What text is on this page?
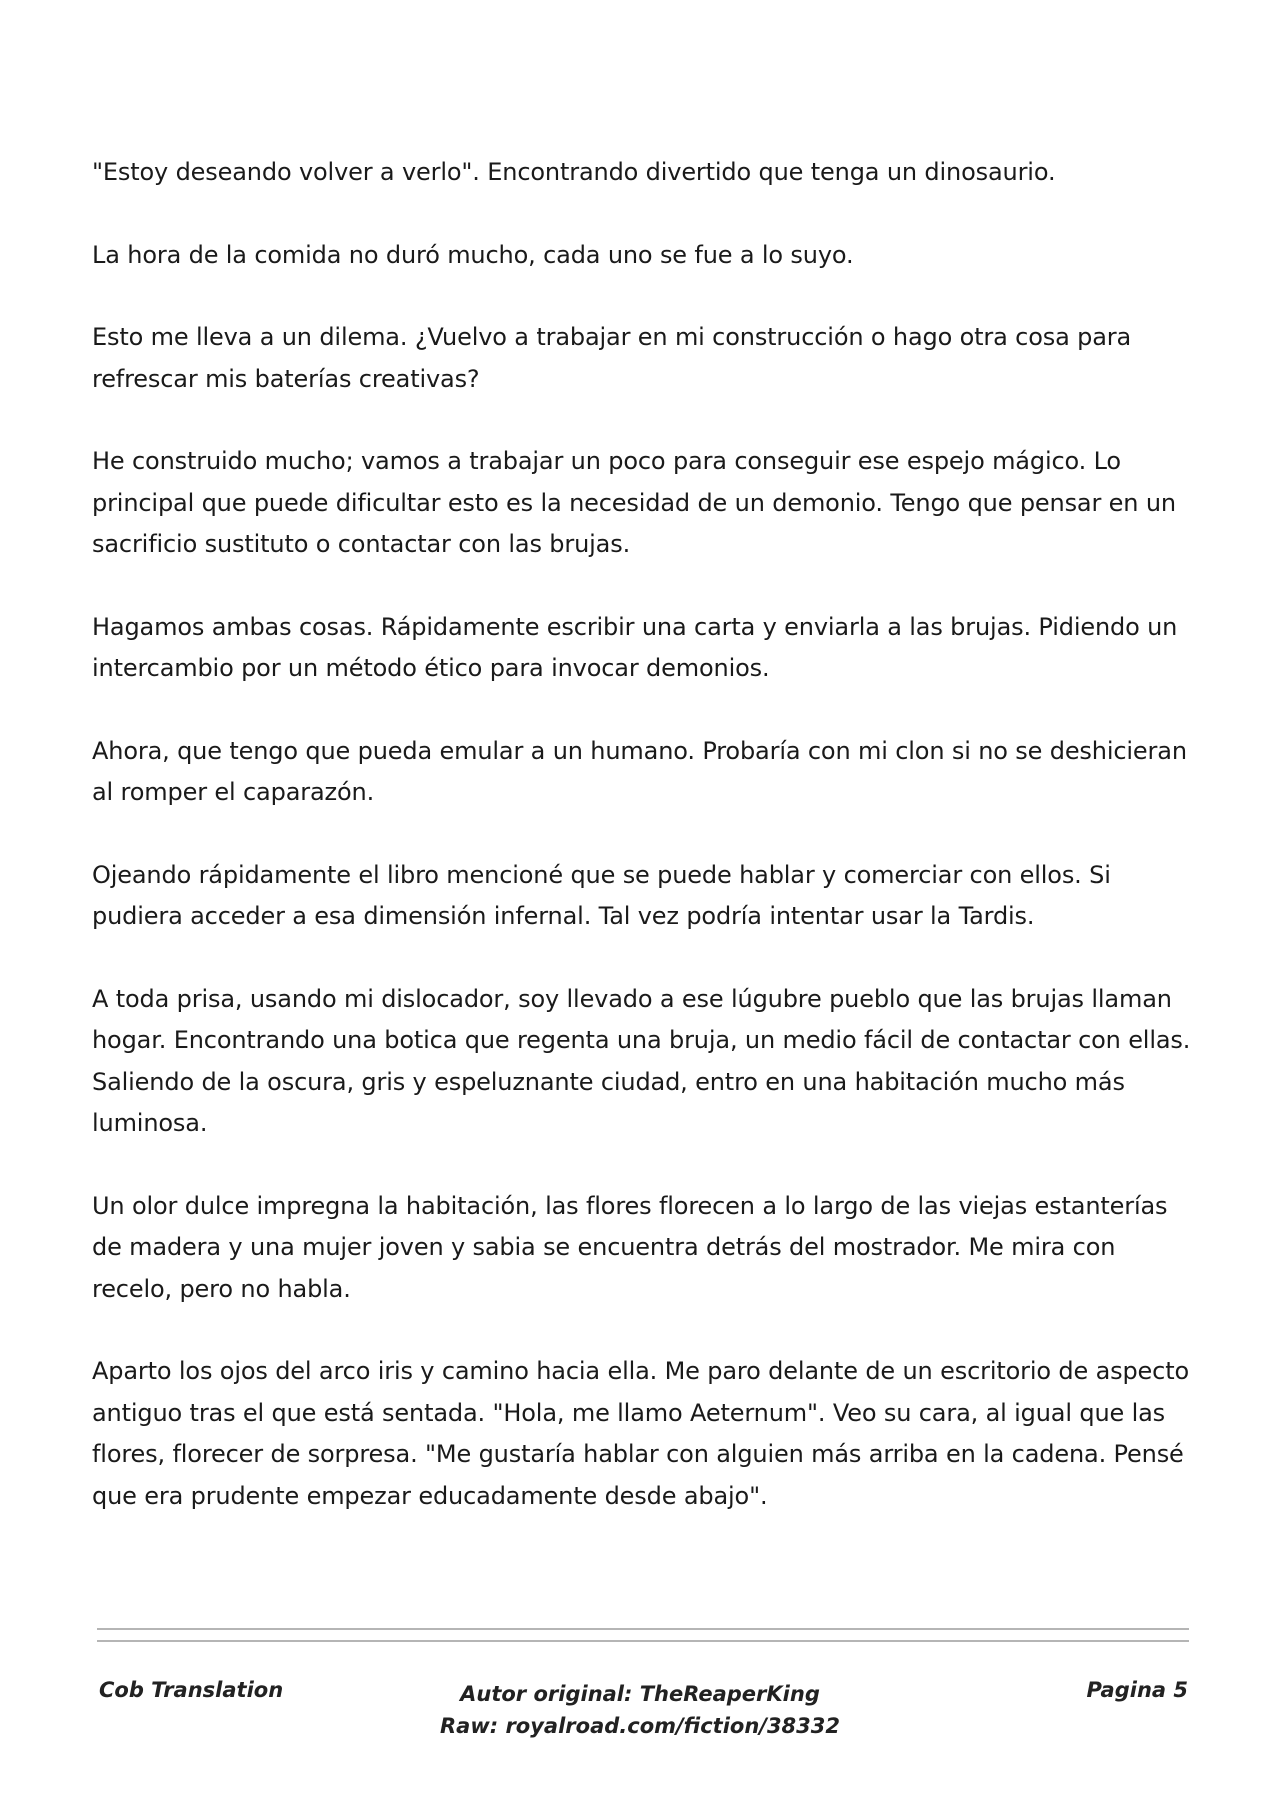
"Estoy deseando volver a verlo". Encontrando divertido que tenga un dinosaurio.

La hora de la comida no duró mucho, cada uno se fue a lo suyo.

Esto me lleva a un dilema. ¿Vuelvo a trabajar en mi construcción o hago otra cosa para refrescar mis baterías creativas?

He construido mucho; vamos a trabajar un poco para conseguir ese espejo mágico. Lo principal que puede dificultar esto es la necesidad de un demonio. Tengo que pensar en un sacrificio sustituto o contactar con las brujas.

Hagamos ambas cosas. Rápidamente escribir una carta y enviarla a las brujas. Pidiendo un intercambio por un método ético para invocar demonios.

Ahora, que tengo que pueda emular a un humano. Probaría con mi clon si no se deshicieran al romper el caparazón.

Ojeando rápidamente el libro mencioné que se puede hablar y comerciar con ellos. Si pudiera acceder a esa dimensión infernal. Tal vez podría intentar usar la Tardis.

A toda prisa, usando mi dislocador, soy llevado a ese lúgubre pueblo que las brujas llaman hogar. Encontrando una botica que regenta una bruja, un medio fácil de contactar con ellas. Saliendo de la oscura, gris y espeluznante ciudad, entro en una habitación mucho más luminosa.

Un olor dulce impregna la habitación, las flores florecen a lo largo de las viejas estanterías de madera y una mujer joven y sabia se encuentra detrás del mostrador. Me mira con recelo, pero no habla.

Aparto los ojos del arco iris y camino hacia ella. Me paro delante de un escritorio de aspecto antiguo tras el que está sentada. "Hola, me llamo Aeternum". Veo su cara, al igual que las flores, florecer de sorpresa. "Me gustaría hablar con alguien más arriba en la cadena. Pensé que era prudente empezar educadamente desde abajo".

Cob Translation	Autor original: TheReaperKing
Raw: royalroad.com/fiction/38332
Pagina 5
